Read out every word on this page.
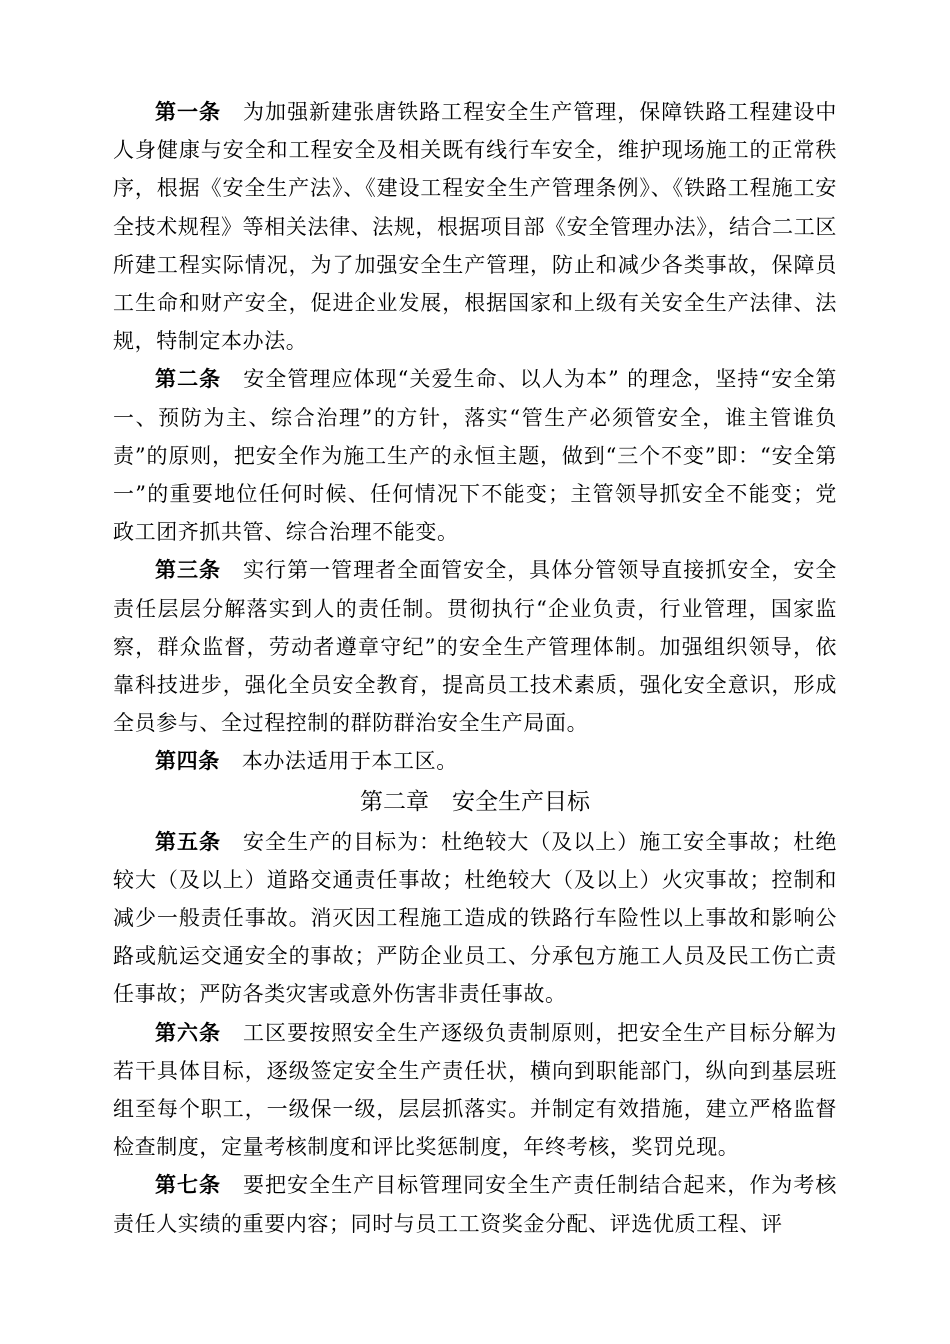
第一条 为加强新建张唐铁路工程安全生产管理，保障铁路工程建设中人身健康与安全和工程安全及相关既有线行车安全，维护现场施工的正常秩序，根据《安全生产法》、《建设工程安全生产管理条例》、《铁路工程施工安全技术规程》等相关法律、法规，根据项目部《安全管理办法》，结合二工区所建工程实际情况，为了加强安全生产管理，防止和减少各类事故，保障员工生命和财产安全，促进企业发展，根据国家和上级有关安全生产法律、法规，特制定本办法。

第二条 安全管理应体现“关爱生命、以人为本” 的理念，坚持“安全第一、预防为主、综合治理”的方针，落实“管生产必须管安全，谁主管谁负责”的原则，把安全作为施工生产的永恒主题，做到“三个不变”即：“安全第一”的重要地位任何时候、任何情况下不能变；主管领导抓安全不能变；党政工团齐抓共管、综合治理不能变。

第三条 实行第一管理者全面管安全，具体分管领导直接抓安全，安全责任层层分解落实到人的责任制。贯彻执行“企业负责，行业管理，国家监察，群众监督，劳动者遵章守纪”的安全生产管理体制。加强组织领导，依靠科技进步，强化全员安全教育，提高员工技术素质，强化安全意识，形成全员参与、全过程控制的群防群治安全生产局面。

第四条 本办法适用于本工区。

第二章　安全生产目标

第五条 安全生产的目标为：杜绝较大（及以上）施工安全事故；杜绝较大（及以上）道路交通责任事故；杜绝较大（及以上）火灾事故；控制和减少一般责任事故。消灭因工程施工造成的铁路行车险性以上事故和影响公路或航运交通安全的事故；严防企业员工、分承包方施工人员及民工伤亡责任事故；严防各类灾害或意外伤害非责任事故。

第六条 工区要按照安全生产逐级负责制原则，把安全生产目标分解为若干具体目标，逐级签定安全生产责任状，横向到职能部门，纵向到基层班组至每个职工，一级保一级，层层抓落实。并制定有效措施，建立严格监督检查制度，定量考核制度和评比奖惩制度，年终考核，奖罚兑现。

第七条 要把安全生产目标管理同安全生产责任制结合起来，作为考核责任人实绩的重要内容；同时与员工工资奖金分配、评选优质工程、评
